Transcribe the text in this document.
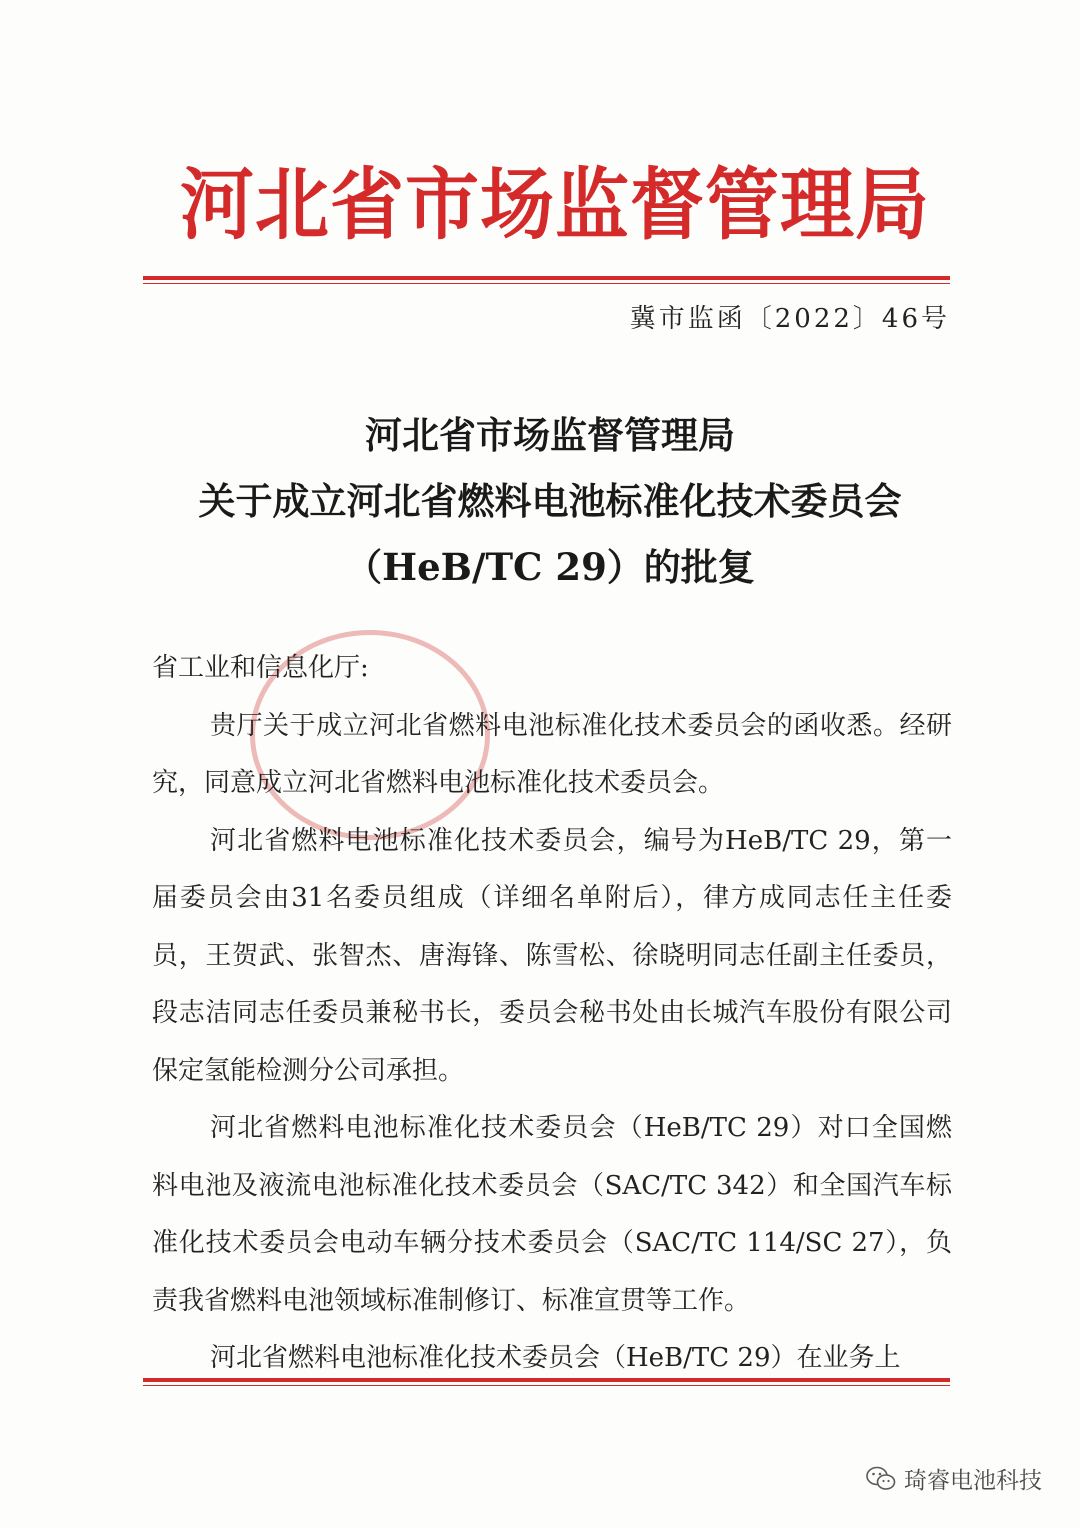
河北省市场监督管理局
冀市监函〔2022〕46号
河北省市场监督管理局
关于成立河北省燃料电池标准化技术委员会
（HeB/TC 29）的批复

省工业和信息化厅:

贵厅关于成立河北省燃料电池标准化技术委员会的函收悉。经研究，同意成立河北省燃料电池标准化技术委员会。

河北省燃料电池标准化技术委员会，编号为HeB/TC 29，第一届委员会由31名委员组成（详细名单附后），律方成同志任主任委员，王贺武、张智杰、唐海锋、陈雪松、徐晓明同志任副主任委员，段志洁同志任委员兼秘书长，委员会秘书处由长城汽车股份有限公司保定氢能检测分公司承担。

河北省燃料电池标准化技术委员会（HeB/TC 29）对口全国燃料电池及液流电池标准化技术委员会（SAC/TC 342）和全国汽车标准化技术委员会电动车辆分技术委员会（SAC/TC 114/SC 27），负责我省燃料电池领域标准制修订、标准宣贯等工作。

河北省燃料电池标准化技术委员会（HeB/TC 29）在业务上

琦睿电池科技
